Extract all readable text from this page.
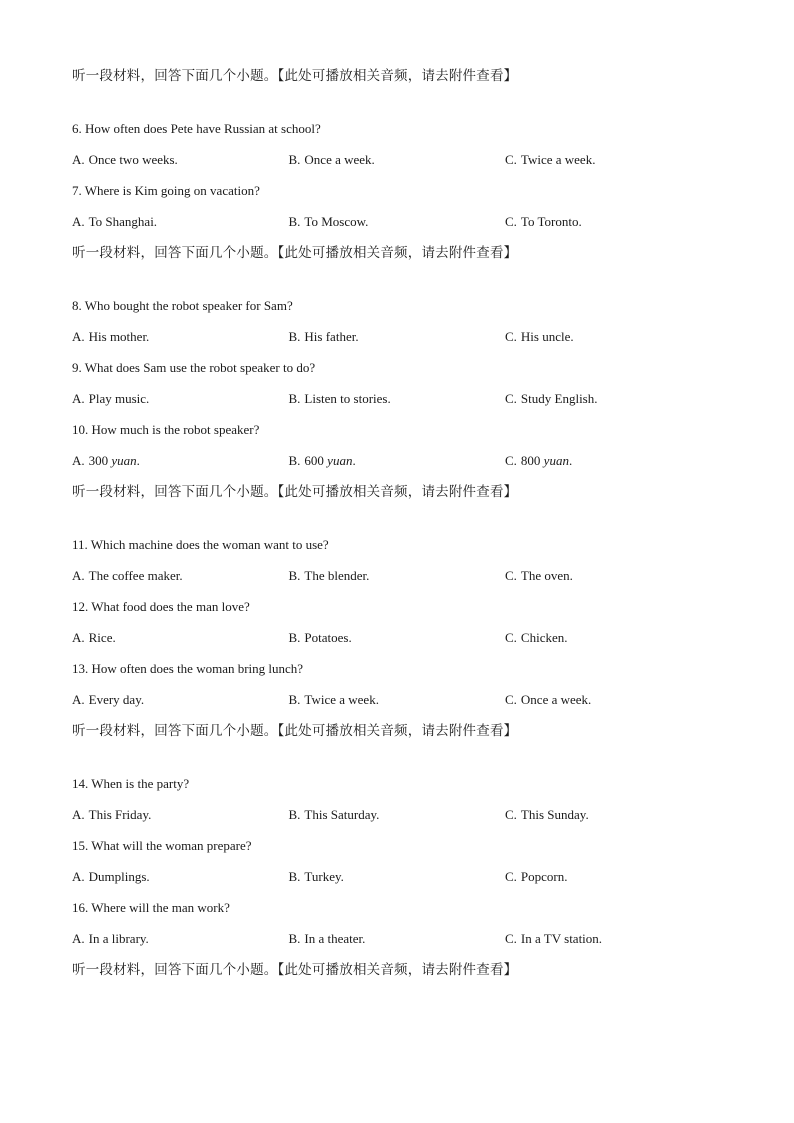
听一段材料，回答下面几个小题。【此处可播放相关音频，请去附件查看】
6. How often does Pete have Russian at school?
A. Once two weeks.	B. Once a week.	C. Twice a week.
7. Where is Kim going on vacation?
A. To Shanghai.	B. To Moscow.	C. To Toronto.
听一段材料，回答下面几个小题。【此处可播放相关音频，请去附件查看】
8. Who bought the robot speaker for Sam?
A. His mother.	B. His father.	C. His uncle.
9. What does Sam use the robot speaker to do?
A. Play music.	B. Listen to stories.	C. Study English.
10. How much is the robot speaker?
A. 300 yuan.	B. 600 yuan.	C. 800 yuan.
听一段材料，回答下面几个小题。【此处可播放相关音频，请去附件查看】
11. Which machine does the woman want to use?
A. The coffee maker.	B. The blender.	C. The oven.
12. What food does the man love?
A. Rice.	B. Potatoes.	C. Chicken.
13. How often does the woman bring lunch?
A. Every day.	B. Twice a week.	C. Once a week.
听一段材料，回答下面几个小题。【此处可播放相关音频，请去附件查看】
14. When is the party?
A. This Friday.	B. This Saturday.	C. This Sunday.
15. What will the woman prepare?
A. Dumplings.	B. Turkey.	C. Popcorn.
16. Where will the man work?
A. In a library.	B. In a theater.	C. In a TV station.
听一段材料，回答下面几个小题。【此处可播放相关音频，请去附件查看】
